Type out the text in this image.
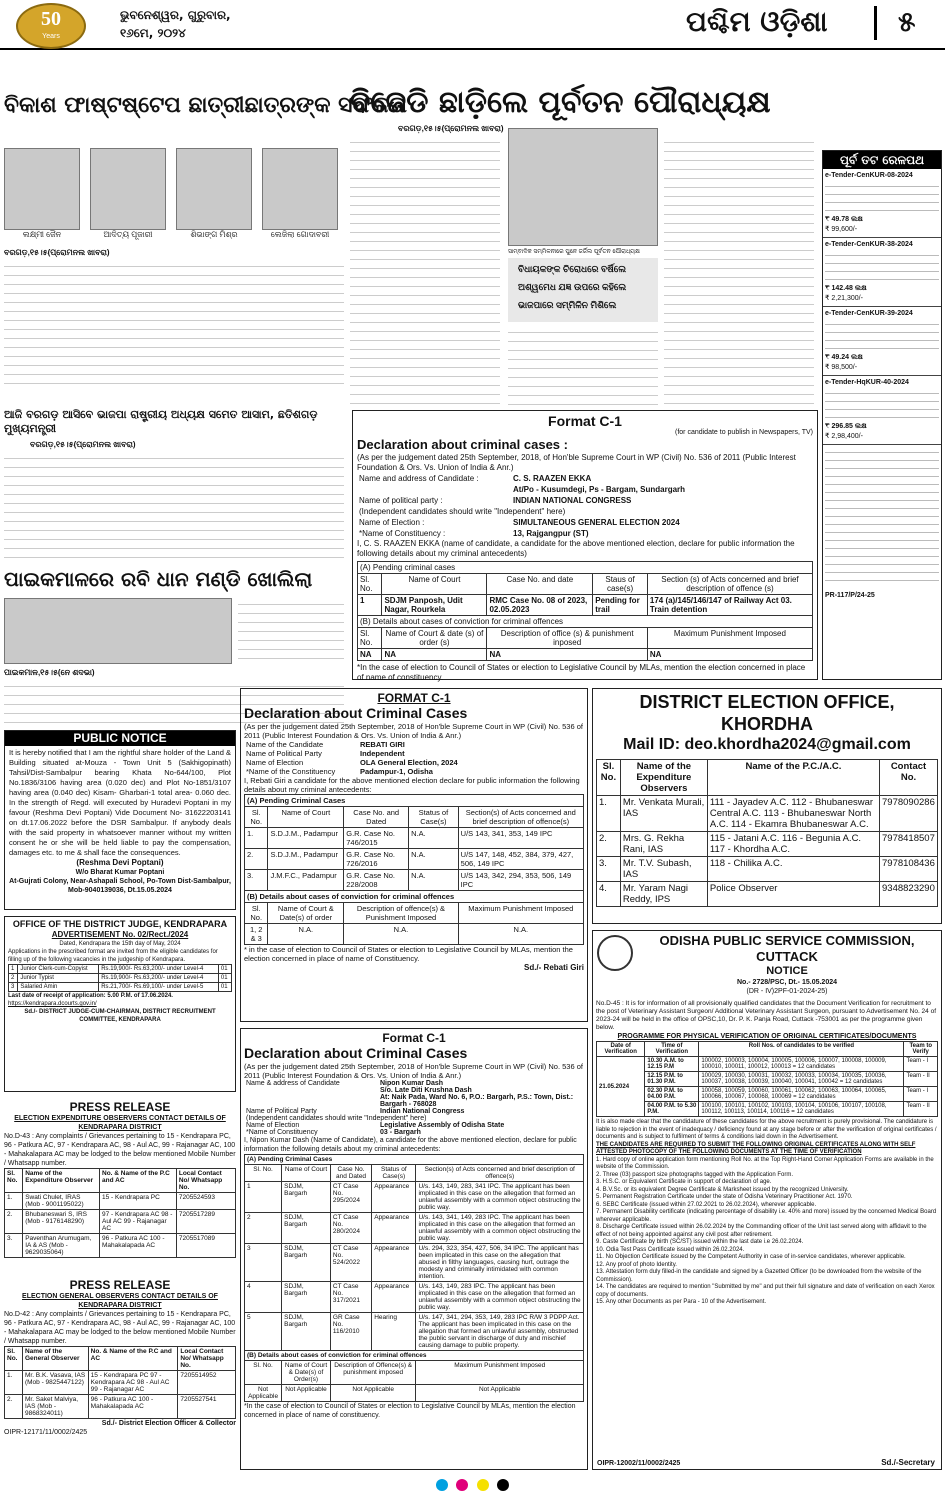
50
Years
ଭୁବନେଶ୍ୱର, ଗୁରୁବାର,
୧୬ମେ, ୨୦୨୪	ପଶ୍ଚିମ ଓଡ଼ିଶା	୫
ବିକାଶ ଫାଷ୍ଟଷ୍ଟେପ ଛାତ୍ରୀଛାତ୍ରଙ୍କ ସଫଳତା
ଲକ୍ଷ୍ମୀ ଜୈନ	ଆଦିତ୍ୟ ପୂଜାରୀ	ଶିଭାଙ୍ଗ ମିଶ୍ର	ଲେଜିଲା ଗୋଦାବରୀ
ବରଗଡ଼,୧୫।୫(ପ୍ରୋମନଲ ଖାବରା)
ବିଜେଡି ଛାଡ଼ିଲେ ପୂର୍ବତନ ପୌରାଧ୍ୟକ୍ଷ
ବରଗଡ଼,୧୫।୫(ପ୍ରୋମନଲ ଖାବରା)
ସାମ୍ବାଦିକ ସମ୍ମିଳନୀରେ ପୁନେ ଜର୍ଜିଲ ପୂର୍ବତନ ପୌରାଧ୍ୟକ୍ଷ
ବିଧାୟକଙ୍କ ଚିରୋଧରେ ବର୍ଷିଲେ
ଅଶ୍ୱମେଧ ଯଜ୍ଞ ଉପରେ କହିଲେ
ଭାଜପାରେ ସମ୍ମିଳିନ ମିଶିଲେ
ଆଜି ବରଗଡ଼ ଆସିବେ ଭାଜପା ରାଷ୍ଟ୍ରୀୟ ଅଧ୍ୟକ୍ଷ ସମେତ ଆସାମ, ଛତିଶଗଡ଼ ମୁଖ୍ୟମନ୍ତ୍ରୀ
ବରଗଡ଼,୧୫।୫(ପ୍ରୋମନଲ ଖାବରା)
ପାଇକମାଳରେ ରବି ଧାନ ମଣ୍ଡି ଖୋଲିଲା
ପାଇକମାଳ,୧୫।୫(ନେ ଶଦଭା)
ପୂର୍ବ ତଟ ରେଳପଥ
e-Tender-CenKUR-08-2024
₹ 49.78 ଲକ୍ଷ
₹ 99,600/-
e-Tender-CenKUR-38-2024
₹ 142.48 ଲକ୍ଷ
₹ 2,21,300/-
e-Tender-CenKUR-39-2024
₹ 49.24 ଲକ୍ଷ
₹ 98,500/-
e-Tender-HqKUR-40-2024
₹ 296.85 ଲକ୍ଷ
₹ 2,98,400/-
PR-117/P/24-25
Format C-1
(for candidate to publish in Newspapers, TV)
Declaration about criminal cases :
(As per the judgement dated 25th September, 2018, of Hon'ble Supreme Court in WP (Civil) No. 536 of 2011 (Public Interest Foundation & Ors. Vs. Union of India & Anr.)
Name and address of Candidate :	C. S. RAAZEN EKKA
	At/Po - Kusumdegi, Ps - Bargam, Sundargarh
Name of political party :	INDIAN NATIONAL CONGRESS
(Independent candidates should write "Independent" here)	
Name of Election :	SIMULTANEOUS GENERAL ELECTION 2024
*Name of Constituency :	13, Rajgangpur (ST)
I, C. S. RAAZEN EKKA (name of candidate, a candidate for the above mentioned election, declare for public information the following details about my criminal antecedents)
(A) Pending criminal cases				
Sl. No.	Name of Court	Case No. and date	Staus of case(s)	Section (s) of Acts concerned and brief description of offence (s)
1	SDJM Panposh, Udit Nagar, Rourkela	RMC Case No. 08 of 2023, 02.05.2023	Pending for trail	174 (a)/145/146/147 of Railway Act 03. Train detention
(B) Details about cases of conviction for criminal offences				
Sl. No.	Name of Court & date (s) of order (s)	Description of office (s) & punishment inposed		Maximum Punishment Imposed
NA	NA	NA		NA
*In the case of election to Council of States or election to Legislative Council by MLAs, mention the election concerned in place of name of constituency.
PUBLIC NOTICE
It is hereby notified that I am the rightful share holder of the Land & Building situated at-Mouza - Town Unit 5 (Sakhigopinath) Tahsil/Dist-Sambalpur bearing Khata No-644/100, Plot No.1836/3106 having area (0.020 dec) and Plot No-1851/3107 having area (0.040 dec) Kisam- Gharbari-1 total area- 0.060 dec. In the strength of Regd. will executed by Huradevi Poptani in my favour (Reshma Devi Poptani) Vide Document No- 31622203141 on dt.17.06.2022 before the DSR Sambalpur. If anybody deals with the said property in whatsoever manner without my written consent he or she will be held liable to pay the compensation, damages etc. to me & shall face the consequences.
(Reshma Devi Poptani)
W/o Bharat Kumar Poptani
At-Gujrati Colony, Near-Ashapali School, Po-Town Dist-Sambalpur, Mob-9040139036, Dt.15.05.2024
OFFICE OF THE DISTRICT JUDGE, KENDRAPARA
ADVERTISEMENT No. 02/Rect./2024
Dated, Kendrapara the 15th day of May, 2024
Applications in the prescribed format are invited from the eligible candidates for filling up of the following vacancies in the judgeship of Kendrapara.
1	Junior Clerk-cum-Copyist	Rs.19,900/- Rs.63,200/- under Level-4	01
2	Junior Typist	Rs.19,900/- Rs.63,200/- under Level-4	01
3	Salaried Amin	Rs.21,700/- Rs.69,100/- under Level-5	01
Last date of receipt of application: 5.00 P.M. of 17.06.2024.
https://kendrapara.dcourts.gov.in/
Sd./- DISTRICT JUDGE-CUM-CHAIRMAN, DISTRICT RECRUITMENT COMMITTEE, KENDRAPARA
PRESS RELEASE
ELECTION EXPENDITURE OBSERVERS CONTACT DETAILS OF KENDRAPARA DISTRICT
No.D-43 : Any complaints / Grievances pertaining to 15 - Kendrapara PC, 96 - Patkura AC, 97 - Kendrapara AC, 98 - Aul AC, 99 - Rajanagar AC, 100 - Mahakalapara AC may be lodged to the below mentioned Mobile Number / Whatsapp number.
Sl. No.	Name of the Expenditure Observer	No. & Name of the P.C and AC	Local Contact No/ Whatsapp No.
1.	Swati Chulet, IRAS (Mob - 9001195022)	15 - Kendrapara PC	7205524593
2.	Bhubaneswari S, IRS (Mob - 9176148290)	97 - Kendrapara AC 98 - Aul AC 99 - Rajanagar AC	7205517289
3.	Paventhan Arumugam, IA & AS (Mob - 9629035064)	96 - Patkura AC 100 - Mahakalapada AC	7205517089
PRESS RELEASE
ELECTION GENERAL OBSERVERS CONTACT DETAILS OF KENDRAPARA DISTRICT
No.D-42 : Any complaints / Grievances pertaining to 15 - Kendrapara PC, 96 - Patkura AC, 97 - Kendrapara AC, 98 - Aul AC, 99 - Rajanagar AC, 100 - Mahakalapara AC may be lodged to the below mentioned Mobile Number / Whatsapp number.
Sl. No.	Name of the General Observer	No. & Name of the P.C and AC	Local Contact No/ Whatsapp No.
1.	Mr. B.K. Vasava, IAS (Mob - 9825447122)	15 - Kendrapara PC 97 - Kendrapara AC 98 - Aul AC 99 - Rajanagar AC	7205514952
2.	Mr. Saket Malviya, IAS (Mob - 9868324011)	96 - Patkura AC 100 - Mahakalapada AC	7205527541
Sd./- District Election Officer & Collector
OIPR-12171/11/0002/2425
FORMAT C-1
Declaration about Criminal Cases
(As per the judgement dated 25th September, 2018 of Hon'ble Supreme Court in WP (Civil) No. 536 of 2011 (Public Interest Foundation & Ors. Vs. Union of India & Anr.)
Name of the Candidate	REBATI GIRI
Name of Political Party	Independent
Name of Election	OLA General Election, 2024
*Name of the Constituency	Padampur-1, Odisha
I, Rebati Giri a candidate for the above mentioned election declare for public information the following details about my criminal antecedents:
(A) Pending Criminal Cases				
Sl. No.	Name of Court	Case No. and Dated	Status of Case(s)	Section(s) of Acts concerned and brief description of offence(s)
1.	S.D.J.M., Padampur	G.R. Case No. 746/2015	N.A.	U/S 143, 341, 353, 149 IPC
2.	S.D.J.M., Padampur	G.R. Case No. 726/2016	N.A.	U/S 147, 148, 452, 384, 379, 427, 506, 149 IPC
3.	J.M.F.C., Padampur	G.R. Case No. 228/2008	N.A.	U/S 143, 342, 294, 353, 506, 149 IPC
(B) Details about cases of conviction for criminal offences				
Sl. No.	Name of Court & Date(s) of order	Description of offence(s) & Punishment Imposed		Maximum Punishment Imposed
1, 2 & 3	N.A.	N.A.		N.A.
* in the case of election to Council of States or election to Legislative Council by MLAs, mention the election concerned in place of name of Constituency.
Sd./- Rebati Giri
Format C-1
Declaration about Criminal Cases
(As per the judgement dated 25th September, 2018 of Hon'ble Supreme Court in WP (Civil) No. 536 of 2011 (Public Interest Foundation & Ors. Vs. Union of India & Anr.)
Name & address of Candidate	Nipon Kumar Dash
	S/o. Late Diti Krushna Dash
	At: Naik Pada, Ward No. 6, P.O.: Bargarh, P.S.: Town, Dist.: Bargarh - 768028
Name of Political Party	Indian National Congress
(Independent candidates should write "Independent" here)	
Name of Election	Legislative Assembly of Odisha State
*Name of Constituency	03 - Bargarh
I, Nipon Kumar Dash (Name of Candidate), a candidate for the above mentioned election, declare for public information the following details about my criminal antecedents:
(A) Pending Criminal Cases				
Sl. No.	Name of Court	Case No. and Dated	Status of Case(s)	Section(s) of Acts concerned and brief description of offence(s)
1	SDJM, Bargarh	CT Case No. 295/2024	Appearance	U/s. 143, 149, 283, 341 IPC. The applicant has been implicated in this case on the allegation that formed an unlawful assembly with a common object obstructing the public way.
2	SDJM, Bargarh	CT Case No. 280/2024	Appearance	U/s. 143, 341, 149, 283 IPC. The applicant has been implicated in this case on the allegation that formed an unlawful assembly with a common object obstructing the public way.
3	SDJM, Bargarh	CT Case No. 524/2022	Appearance	U/s. 294, 323, 354, 427, 506, 34 IPC. The applicant has been implicated in this case on the allegation that abused in filthy languages, causing hurt, outrage the modesty and criminally intimidated with common intention.
4	SDJM, Bargarh	CT Case No. 317/2021	Appearance	U/s. 143, 149, 283 IPC. The applicant has been implicated in this case on the allegation that formed an unlawful assembly with a common object obstructing the public way.
5	SDJM, Bargarh	GR Case No. 116/2010	Hearing	U/s. 147, 341, 294, 353, 149, 283 IPC R/W 3 PDPP Act. The applicant has been implicated in this case on the allegation that formed an unlawful assembly, obstructed the public servant in discharge of duty and mischief causing damage to public property.
(B) Details about cases of conviction for criminal offences				
Sl. No.	Name of Court & Date(s) of Order(s)	Description of Offence(s) & punishment imposed		Maximum Punishment Imposed
Not Applicable	Not Applicable	Not Applicable		Not Applicable
*In the case of election to Council of States or election to Legislative Council by MLAs, mention the election concerned in place of name of constituency.
DISTRICT ELECTION OFFICE, KHORDHA
Mail ID: deo.khordha2024@gmail.com
Sl. No.	Name of the Expenditure Observers	Name of the P.C./A.C.	Contact No.
1.	Mr. Venkata Murali, IAS	111 - Jayadev A.C. 112 - Bhubaneswar Central A.C. 113 - Bhubaneswar North A.C. 114 - Ekamra Bhubaneswar A.C.	7978090286
2.	Mrs. G. Rekha Rani, IAS	115 - Jatani A.C. 116 - Begunia A.C. 117 - Khordha A.C.	7978418507
3.	Mr. T.V. Subash, IAS	118 - Chilika A.C.	7978108436
4.	Mr. Yaram Nagi Reddy, IPS	Police Observer	9348823290
ODISHA PUBLIC SERVICE COMMISSION, CUTTACK
NOTICE
No.- 2728/PSC, Dt.- 15.05.2024
(DR - IV)2PF-01-2024-25)
No.D-45 : It is for information of all provisionally qualified candidates that the Document Verification for recruitment to the post of Veterinary Assistant Surgeon/ Additional Veterinary Assistant Surgeon, pursuant to Advertisement No. 24 of 2023-24 will be held in the office of OPSC,10, Dr. P. K. Panja Road, Cuttack -753001 as per the programme given below.
PROGRAMME FOR PHYSICAL VERIFICATION OF ORIGINAL CERTIFICATES/DOCUMENTS
Date of Verification	Time of Verification	Roll Nos. of candidates to be verified	Team to Verify
21.05.2024	10.30 A.M. to 12.15 P.M	100002, 100003, 100004, 100005, 100006, 100007, 100008, 100009, 100010, 100011, 100012, 100013 = 12 candidates	Team - I
	12.15 P.M. to 01.30 P.M.	100029, 100030, 100031, 100032, 100033, 100034, 100035, 100036, 100037, 100038, 100039, 100040, 100041, 100042 = 12 candidates	Team - II
	02.30 P.M. to 04.00 P.M.	100058, 100059, 100060, 100061, 100062, 100063, 100064, 100065, 100066, 100067, 100068, 100069 = 12 candidates	Team - I
	04.00 P.M. to 5.30 P.M.	100100, 100101, 100102, 100103, 100104, 100106, 100107, 100108, 100112, 100113, 100114, 100116 = 12 candidates	Team - II
It is also made clear that the candidature of these candidates for the above recruitment is purely provisional. The candidature is liable to rejection in the event of inadequacy / deficiency found at any stage before or after the verification of original certificates / documents and is subject to fulfilment of terms & conditions laid down in the Advertisement.
THE CANDIDATES ARE REQUIRED TO SUBMIT THE FOLLOWING ORIGINAL CERTIFICATES ALONG WITH SELF ATTESTED PHOTOCOPY OF THE FOLLOWING DOCUMENTS AT THE TIME OF VERIFICATION
1. Hard copy of online application form mentioning Roll No. at the Top Right-Hand Corner Application Forms are available in the website of the Commission.
2. Three (03) passport size photographs tagged with the Application Form.
3. H.S.C. or Equivalent Certificate in support of declaration of age.
4. B.V.Sc. or its equivalent Degree Certificate & Marksheet issued by the recognized University.
5. Permanent Registration Certificate under the state of Odisha Veterinary Practitioner Act. 1970.
6. SEBC Certificate (issued within 27.02.2021 to 26.02.2024), wherever applicable.
7. Permanent Disability certificate (indicating percentage of disability i.e. 40% and more) issued by the concerned Medical Board wherever applicable.
8. Discharge Certificate issued within 26.02.2024 by the Commanding officer of the Unit last served along with affidavit to the effect of not being appointed against any civil post after retirement.
9. Caste Certificate by birth (SC/ST) issued within the last date i.e 26.02.2024.
10. Odia Test Pass Certificate issued within 26.02.2024.
11. No Objection Certificate issued by the Competent Authority in case of in-service candidates, wherever applicable.
12. Any proof of photo Identity.
13. Attestation form duly filled-in the candidate and signed by a Gazetted Officer (to be downloaded from the website of the Commission).
14. The candidates are required to mention "Submitted by me" and put their full signature and date of verification on each Xerox copy of documents.
15. Any other Documents as per Para - 10 of the Advertisement.
OIPR-12002/11/0002/2425	Sd./-Secretary
